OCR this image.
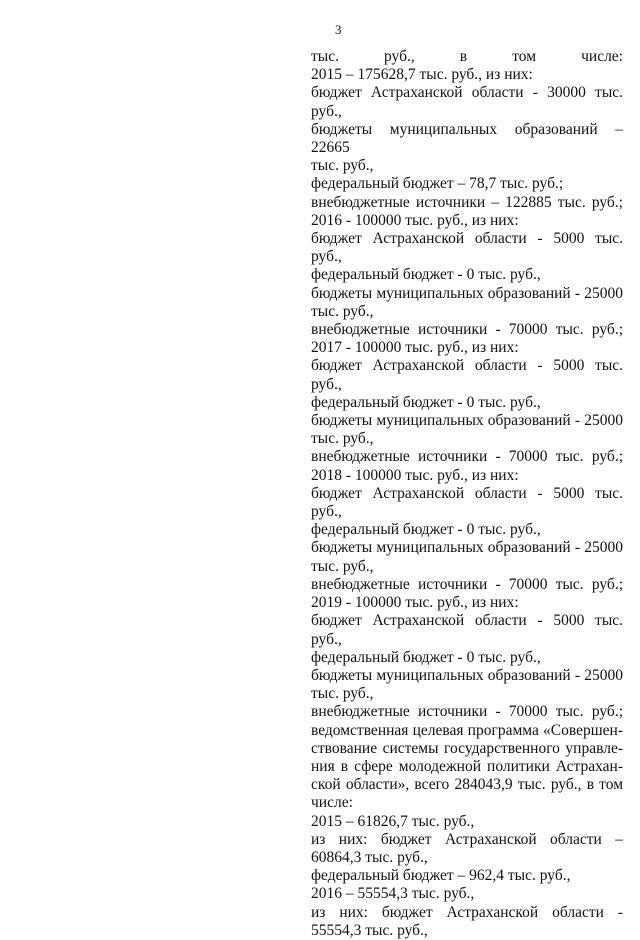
3
тыс. руб., в том числе:
2015 – 175628,7 тыс. руб., из них:
бюджет Астраханской области - 30000 тыс.
руб.,
бюджеты муниципальных образований – 22665
тыс. руб.,
федеральный бюджет – 78,7 тыс. руб.;
внебюджетные источники – 122885 тыс. руб.;
2016 - 100000 тыс. руб., из них:
бюджет Астраханской области - 5000 тыс. руб.,
федеральный бюджет - 0 тыс. руб.,
бюджеты муниципальных образований - 25000
тыс. руб.,
внебюджетные источники - 70000 тыс. руб.;
2017 - 100000 тыс. руб., из них:
бюджет Астраханской области - 5000 тыс. руб.,
федеральный бюджет - 0 тыс. руб.,
бюджеты муниципальных образований - 25000
тыс. руб.,
внебюджетные источники - 70000 тыс. руб.;
2018 - 100000 тыс. руб., из них:
бюджет Астраханской области - 5000 тыс. руб.,
федеральный бюджет - 0 тыс. руб.,
бюджеты муниципальных образований - 25000
тыс. руб.,
внебюджетные источники - 70000 тыс. руб.;
2019 - 100000 тыс. руб., из них:
бюджет Астраханской области - 5000 тыс. руб.,
федеральный бюджет - 0 тыс. руб.,
бюджеты муниципальных образований - 25000
тыс. руб.,
внебюджетные источники - 70000 тыс. руб.;
ведомственная целевая программа «Совершен-
ствование системы государственного управле-
ния в сфере молодежной политики Астрахан-
ской области», всего 284043,9 тыс. руб., в том
числе:
2015 – 61826,7 тыс. руб.,
из них: бюджет Астраханской области –
60864,3 тыс. руб.,
федеральный бюджет – 962,4 тыс. руб.,
2016 – 55554,3 тыс. руб.,
из них: бюджет Астраханской области -
55554,3 тыс. руб.,
